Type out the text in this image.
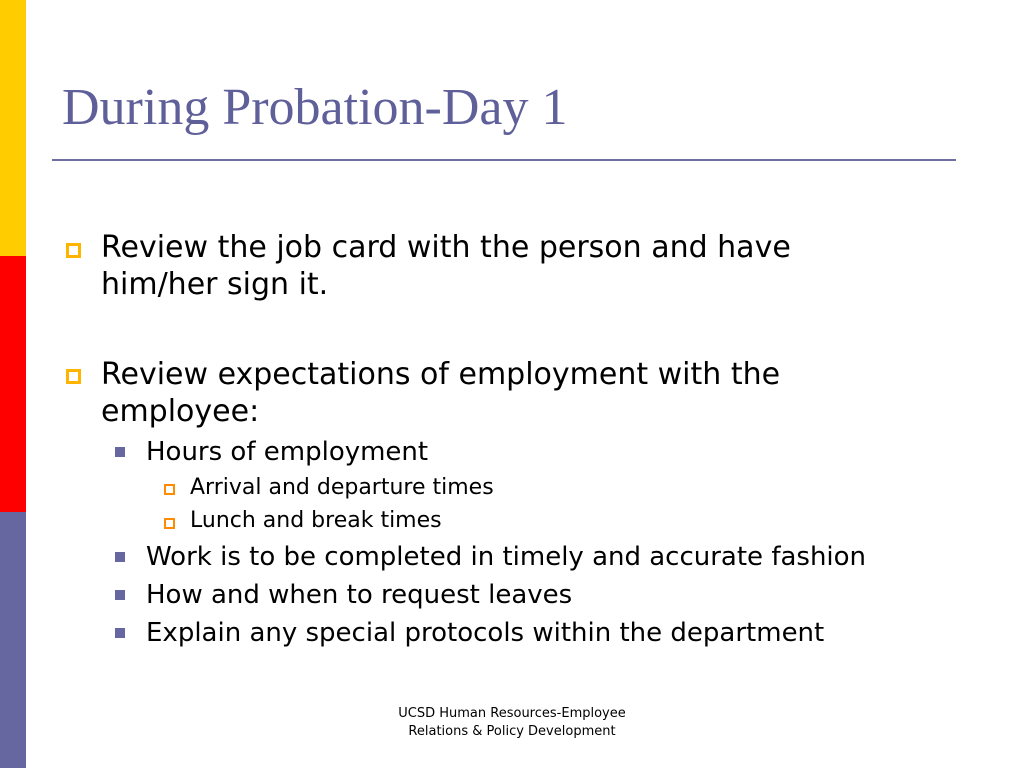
During Probation-Day 1

Review the job card with the person and have

him/her sign it.

Review expectations of employment with the

employee:

Hours of employment

Arrival and departure times

Lunch and break times

Work is to be completed in timely and accurate fashion

How and when to request leaves

Explain any special protocols within the department

UCSD Human Resources-Employee
Relations & Policy Development
